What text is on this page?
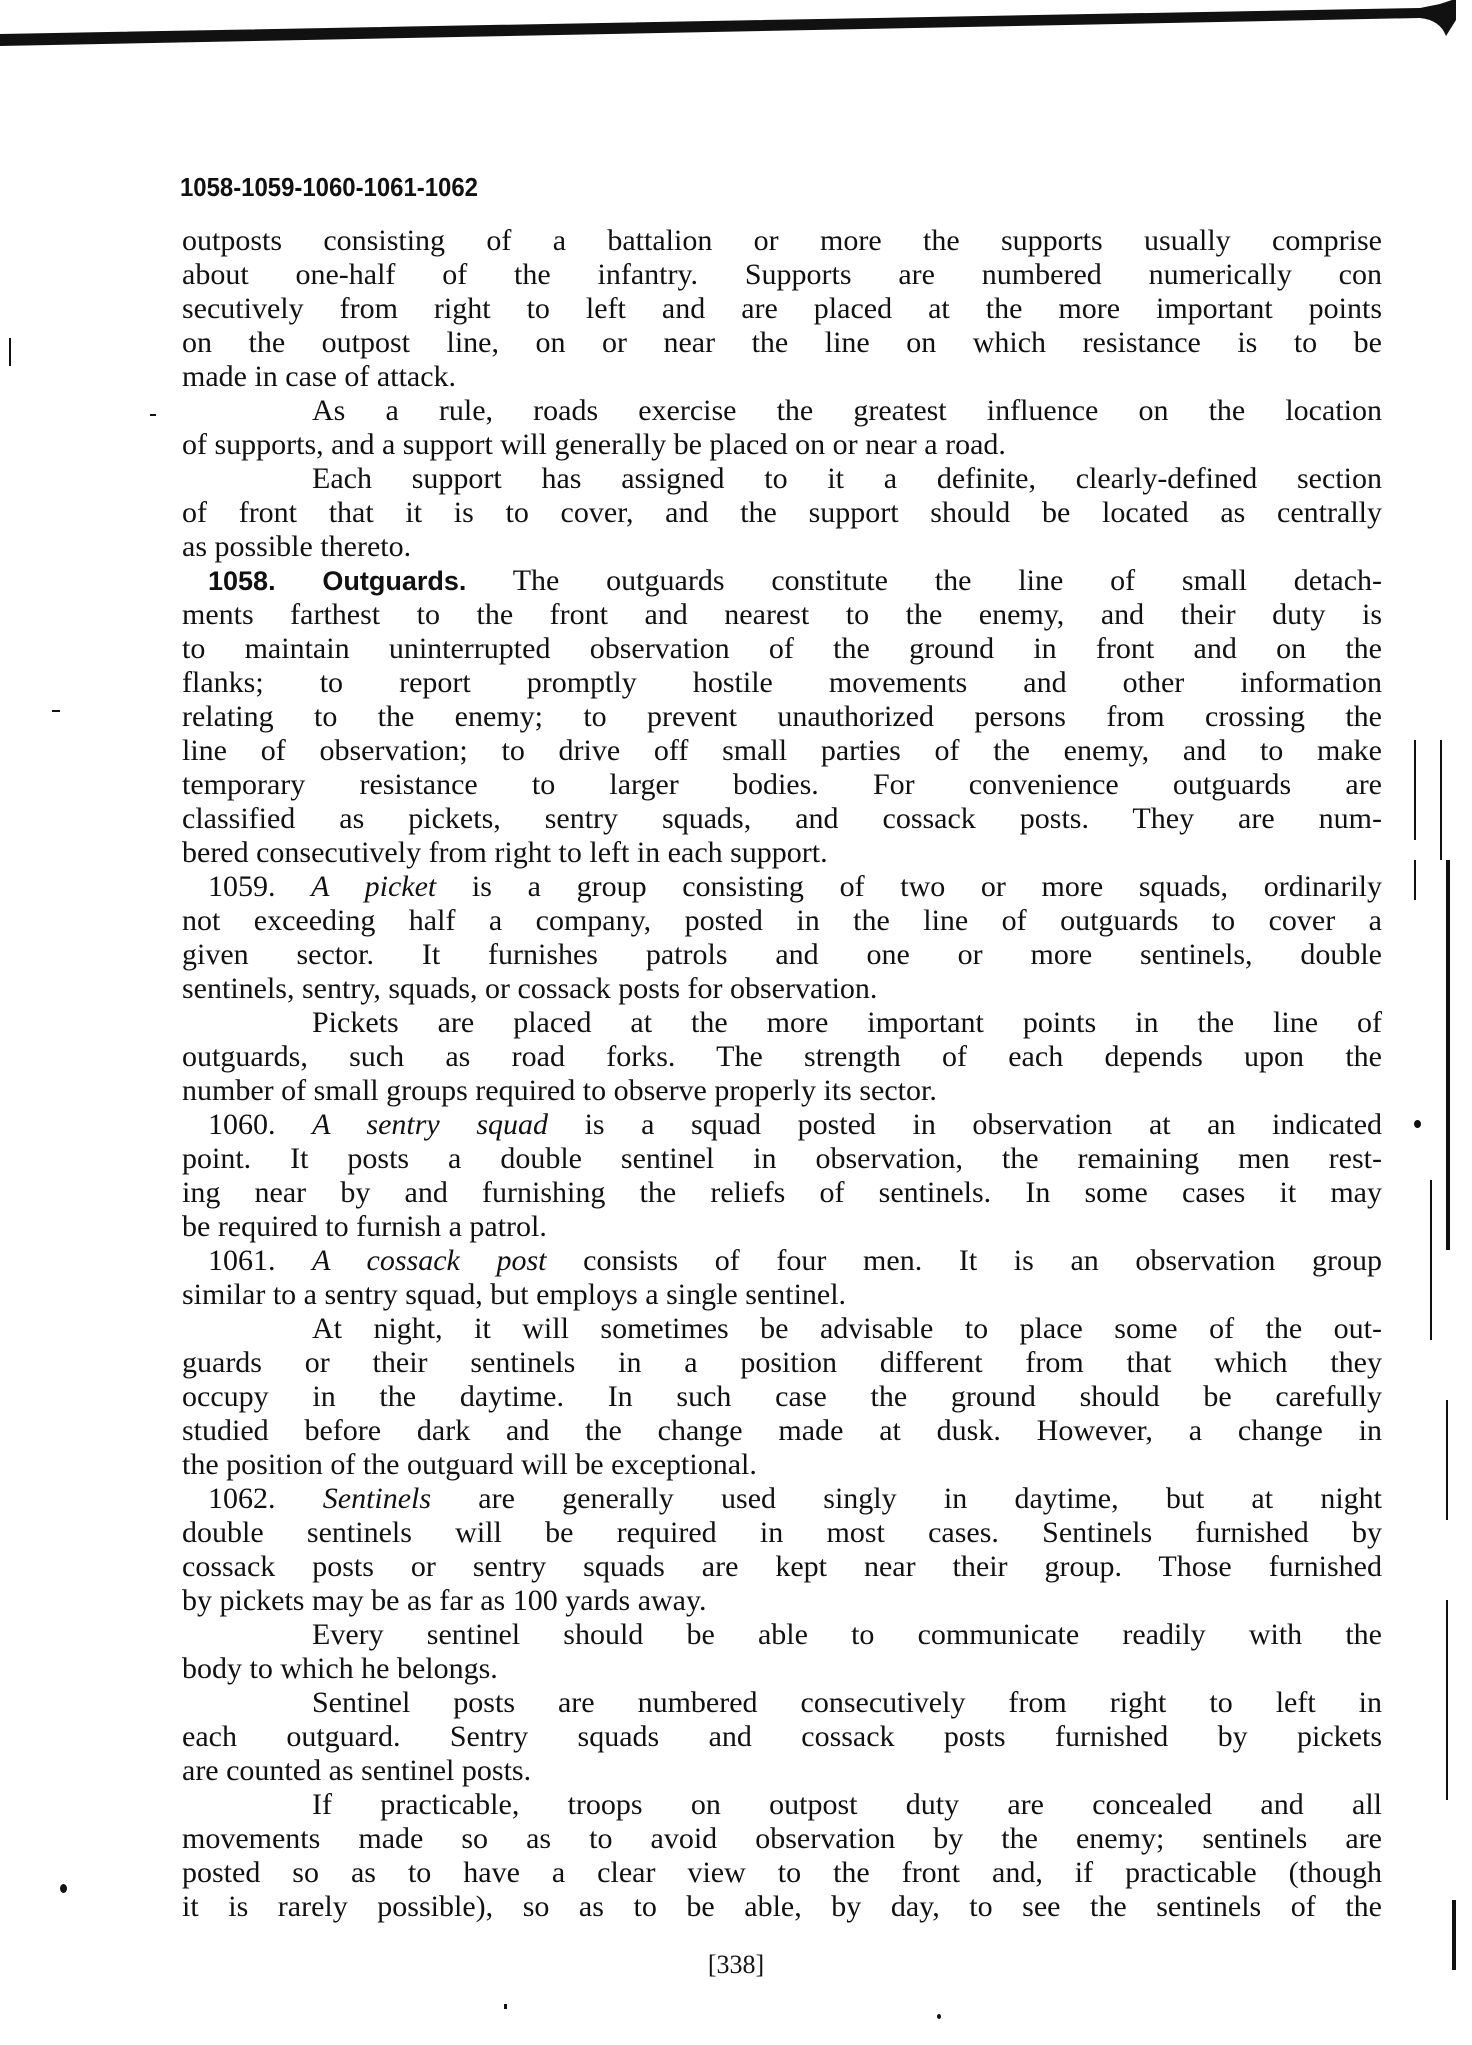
1058-1059-1060-1061-1062
outposts consisting of a battalion or more the supports usually comprise
about one-half of the infantry. Supports are numbered numerically con
secutively from right to left and are placed at the more important points
on the outpost line, on or near the line on which resistance is to be
made in case of attack.
As a rule, roads exercise the greatest influence on the location
of supports, and a support will generally be placed on or near a road.
Each support has assigned to it a definite, clearly-defined section
of front that it is to cover, and the support should be located as centrally
as possible thereto.
1058. Outguards. The outguards constitute the line of small detach-
ments farthest to the front and nearest to the enemy, and their duty is
to maintain uninterrupted observation of the ground in front and on the
flanks; to report promptly hostile movements and other information
relating to the enemy; to prevent unauthorized persons from crossing the
line of observation; to drive off small parties of the enemy, and to make
temporary resistance to larger bodies. For convenience outguards are
classified as pickets, sentry squads, and cossack posts. They are num-
bered consecutively from right to left in each support.
1059. A picket is a group consisting of two or more squads, ordinarily
not exceeding half a company, posted in the line of outguards to cover a
given sector. It furnishes patrols and one or more sentinels, double
sentinels, sentry, squads, or cossack posts for observation.
Pickets are placed at the more important points in the line of
outguards, such as road forks. The strength of each depends upon the
number of small groups required to observe properly its sector.
1060. A sentry squad is a squad posted in observation at an indicated
point. It posts a double sentinel in observation, the remaining men rest-
ing near by and furnishing the reliefs of sentinels. In some cases it may
be required to furnish a patrol.
1061. A cossack post consists of four men. It is an observation group
similar to a sentry squad, but employs a single sentinel.
At night, it will sometimes be advisable to place some of the out-
guards or their sentinels in a position different from that which they
occupy in the daytime. In such case the ground should be carefully
studied before dark and the change made at dusk. However, a change in
the position of the outguard will be exceptional.
1062. Sentinels are generally used singly in daytime, but at night
double sentinels will be required in most cases. Sentinels furnished by
cossack posts or sentry squads are kept near their group. Those furnished
by pickets may be as far as 100 yards away.
Every sentinel should be able to communicate readily with the
body to which he belongs.
Sentinel posts are numbered consecutively from right to left in
each outguard. Sentry squads and cossack posts furnished by pickets
are counted as sentinel posts.
If practicable, troops on outpost duty are concealed and all
movements made so as to avoid observation by the enemy; sentinels are
posted so as to have a clear view to the front and, if practicable (though
it is rarely possible), so as to be able, by day, to see the sentinels of the
[338]
